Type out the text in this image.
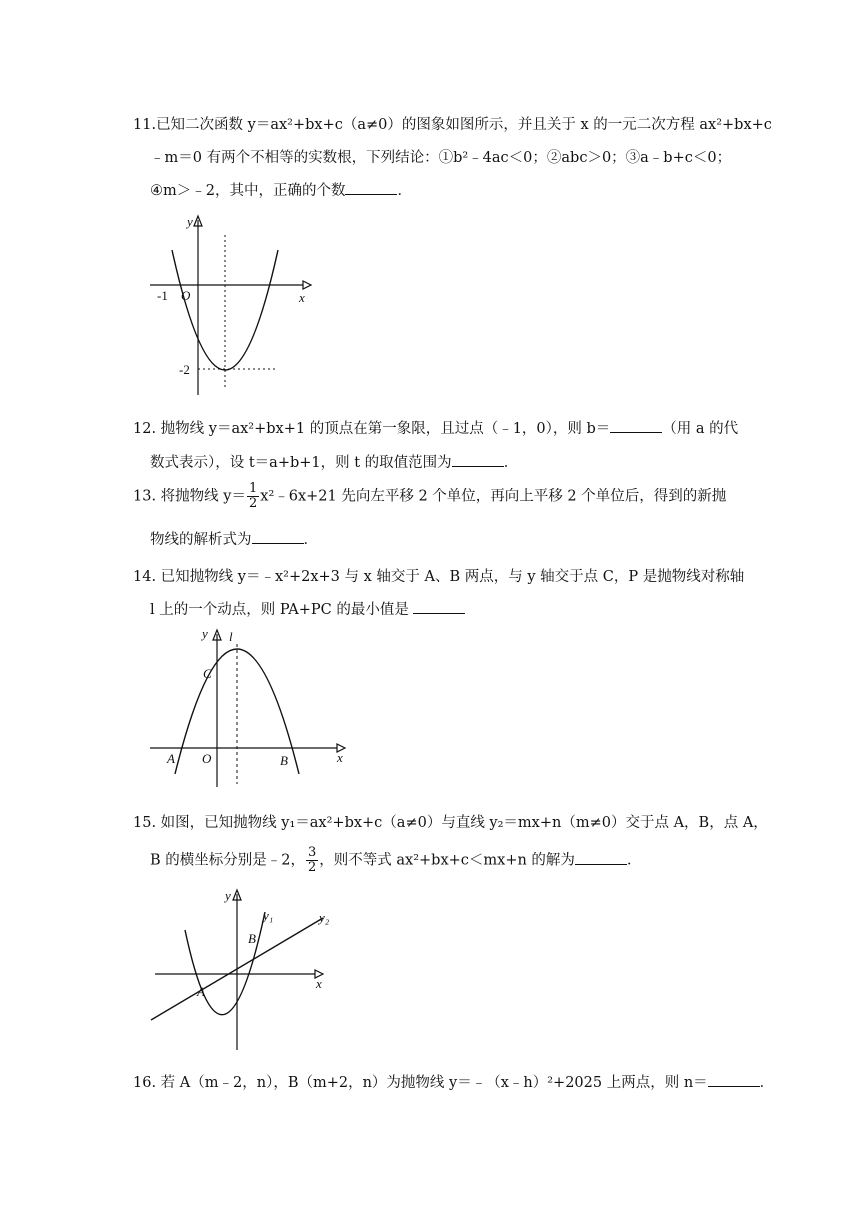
11.已知二次函数 y＝ax²+bx+c（a≠0）的图象如图所示，并且关于 x 的一元二次方程 ax²+bx+c
﹣m＝0 有两个不相等的实数根，下列结论：①b²﹣4ac＜0；②abc＞0；③a﹣b+c＜0；
④m＞﹣2，其中，正确的个数	．
y
x
O
-1
-2
12. 抛物线 y＝ax²+bx+1 的顶点在第一象限，且过点（﹣1，0），则 b＝	（用 a 的代
数式表示），设 t＝a+b+1，则 t 的取值范围为	．
13. 将抛物线 $y= \frac{1}{2}$ x²﹣6x+21 先向左平移 2 个单位，再向上平移 2 个单位后，得到的新抛
物线的解析式为	．
14. 已知抛物线 y＝﹣x²+2x+3 与 x 轴交于 A、B 两点，与 y 轴交于点 C，P 是抛物线对称轴
l 上的一个动点，则 PA+PC 的最小值是
y l
x
C
A O	B
15. 如图，已知抛物线 y₁＝ax²+bx+c（a≠0）与直线 y₂＝mx+n（m≠0）交于点 A，B，点 A，
B 的横坐标分别是﹣2， $\frac{3}{2}$ ，则不等式 ax²+bx+c＜mx+n 的解为	．
y
y₁	y₂
B
A
x
16. 若 A（m﹣2，n），B（m+2，n）为抛物线 y＝﹣（x﹣h）²+2025 上两点，则 n＝	．
